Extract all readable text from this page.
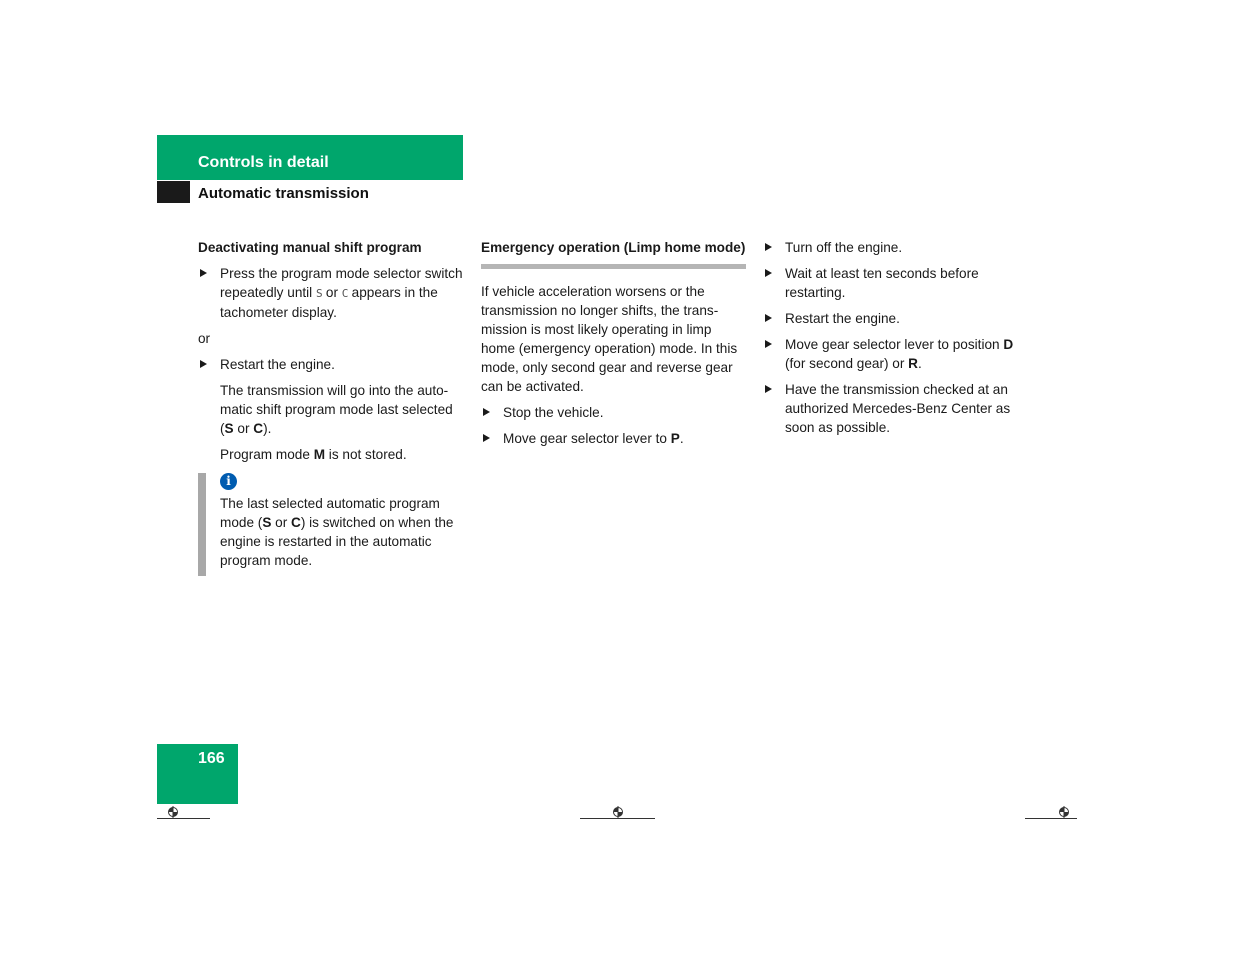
Controls in detail
Automatic transmission

Deactivating manual shift program

Press the program mode selector switch repeatedly until S or C appears in the tachometer display.

or

Restart the engine.

The transmission will go into the auto- matic shift program mode last selected (S or C).

Program mode M is not stored.

i

The last selected automatic program mode (S or C) is switched on when the engine is restarted in the automatic program mode.

Emergency operation (Limp home mode)

If vehicle acceleration worsens or the transmission no longer shifts, the trans- mission is most likely operating in limp home (emergency operation) mode. In this mode, only second gear and reverse gear can be activated.

Stop the vehicle.

Move gear selector lever to P.

Turn off the engine.

Wait at least ten seconds before restarting.

Restart the engine.

Move gear selector lever to position D (for second gear) or R.

Have the transmission checked at an authorized Mercedes-Benz Center as soon as possible.

166
